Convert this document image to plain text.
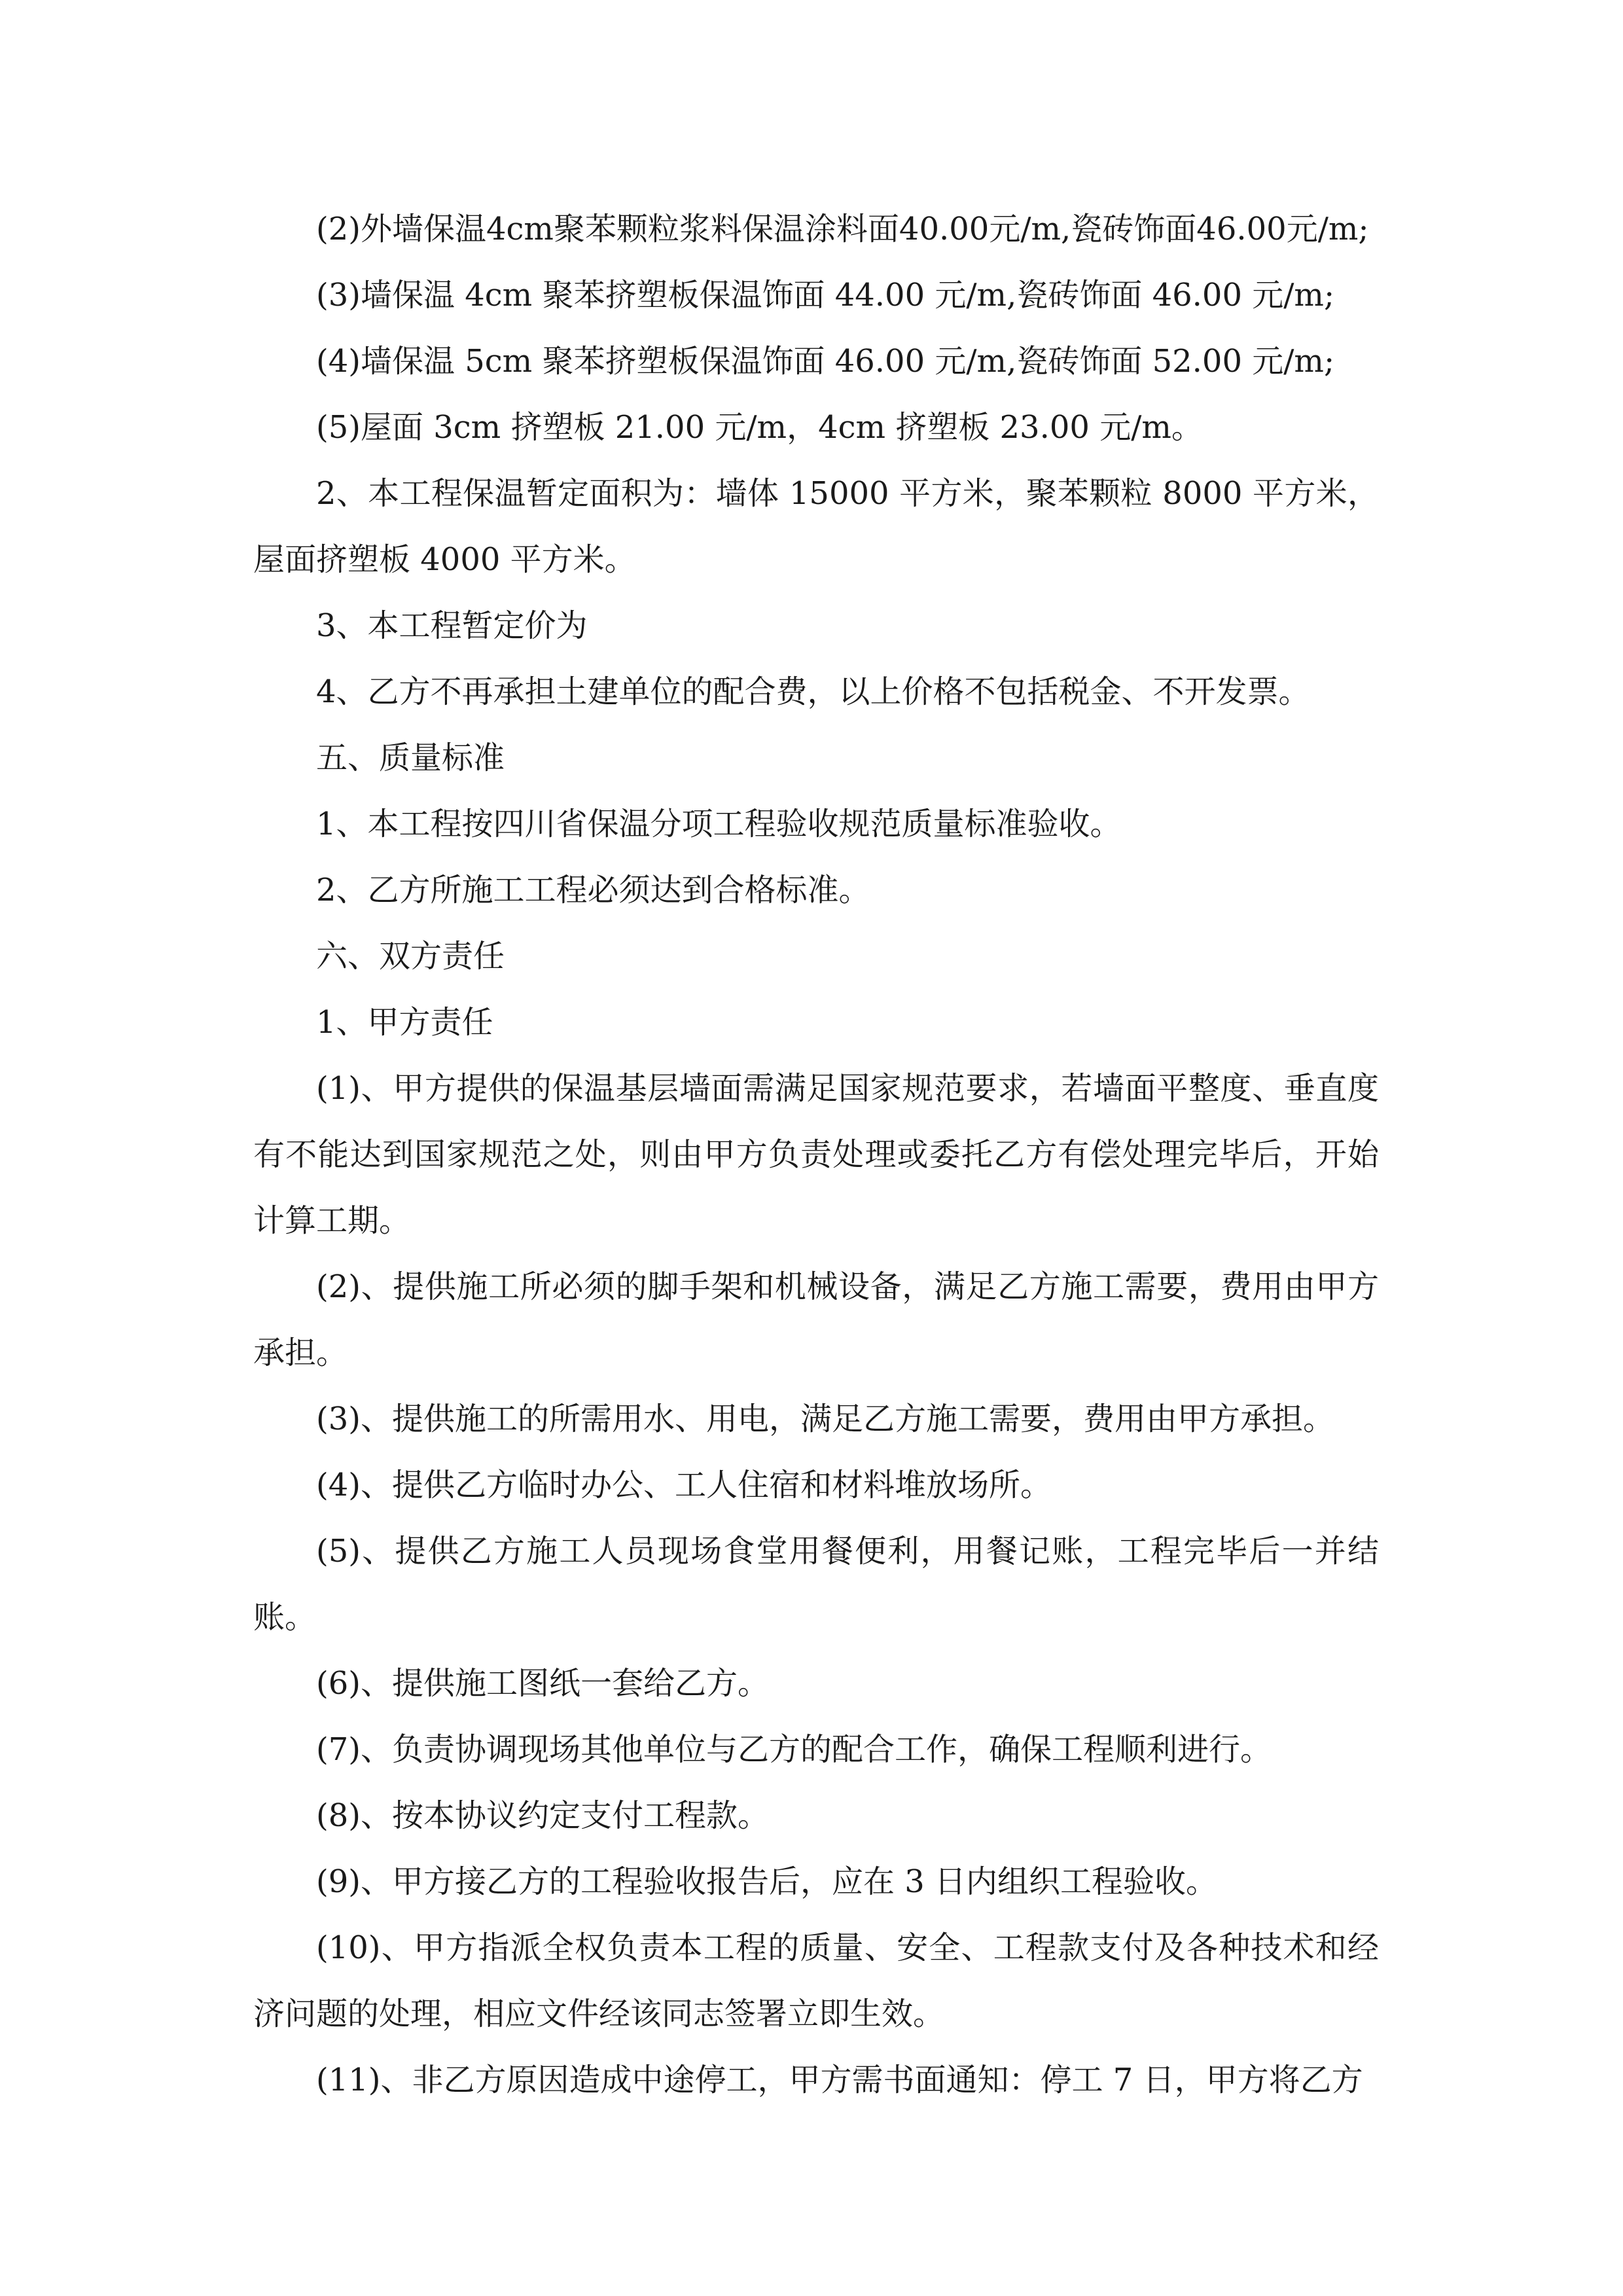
(2)外墙保温4cm聚苯颗粒浆料保温涂料面40.00元/m,瓷砖饰面46.00元/m;

(3)墙保温 4cm 聚苯挤塑板保温饰面 44.00 元/m,瓷砖饰面 46.00 元/m;

(4)墙保温 5cm 聚苯挤塑板保温饰面 46.00 元/m,瓷砖饰面 52.00 元/m;

(5)屋面 3cm 挤塑板 21.00 元/m，4cm 挤塑板 23.00 元/m。

2、本工程保温暂定面积为：墙体 15000 平方米，聚苯颗粒 8000 平方米，屋面挤塑板 4000 平方米。

3、本工程暂定价为

4、乙方不再承担土建单位的配合费，以上价格不包括税金、不开发票。

五、质量标准

1、本工程按四川省保温分项工程验收规范质量标准验收。

2、乙方所施工工程必须达到合格标准。

六、双方责任

1、甲方责任

(1)、甲方提供的保温基层墙面需满足国家规范要求，若墙面平整度、垂直度有不能达到国家规范之处，则由甲方负责处理或委托乙方有偿处理完毕后，开始计算工期。

(2)、提供施工所必须的脚手架和机械设备，满足乙方施工需要，费用由甲方承担。

(3)、提供施工的所需用水、用电，满足乙方施工需要，费用由甲方承担。

(4)、提供乙方临时办公、工人住宿和材料堆放场所。

(5)、提供乙方施工人员现场食堂用餐便利，用餐记账，工程完毕后一并结账。

(6)、提供施工图纸一套给乙方。

(7)、负责协调现场其他单位与乙方的配合工作，确保工程顺利进行。

(8)、按本协议约定支付工程款。

(9)、甲方接乙方的工程验收报告后，应在 3 日内组织工程验收。

(10)、甲方指派全权负责本工程的质量、安全、工程款支付及各种技术和经济问题的处理，相应文件经该同志签署立即生效。

(11)、非乙方原因造成中途停工，甲方需书面通知：停工 7 日，甲方将乙方
